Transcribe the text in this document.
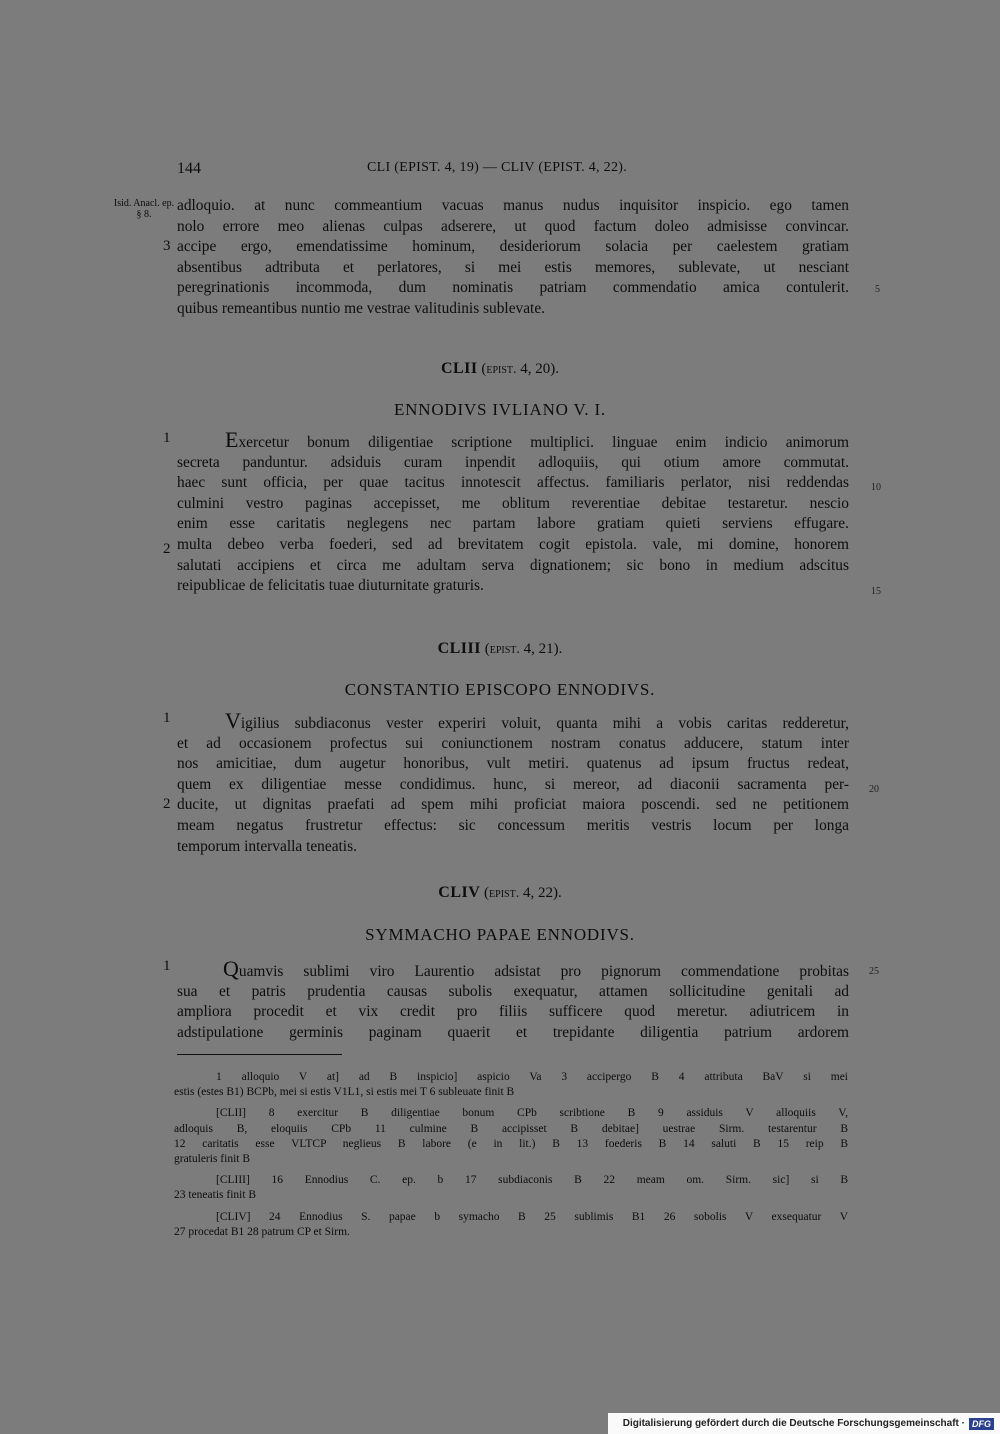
144	CLI (EPIST. 4, 19) — CLIV (EPIST. 4, 22).
Isid. Anacl. ep. § 8.
adloquio. at nunc commeantium vacuas manus nudus inquisitor inspicio. ego tamen
nolo errore meo alienas culpas adserere, ut quod factum doleo admisisse convincar.
accipe ergo, emendatissime hominum, desideriorum solacia per caelestem gratiam
absentibus adtributa et perlatores, si mei estis memores, sublevate, ut nesciant
peregrinationis incommoda, dum nominatis patriam commendatio amica contulerit.
quibus remeantibus nuntio me vestrae valitudinis sublevate.
3
5
CLII (epist. 4, 20).
ENNODIVS IVLIANO V. I.
1	Exercetur bonum diligentiae scriptione multiplici. linguae enim indicio animorum
secreta panduntur. adsiduis curam inpendit adloquiis, qui otium amore commutat.
haec sunt officia, per quae tacitus innotescit affectus. familiaris perlator, nisi reddendas
culmini vestro paginas accepisset, me oblitum reverentiae debitae testaretur. nescio
enim esse caritatis neglegens nec partam labore gratiam quieti serviens effugare.
multa debeo verba foederi, sed ad brevitatem cogit epistola. vale, mi domine, honorem
salutati accipiens et circa me adultam serva dignationem; sic bono in medium adscitus
reipublicae de felicitatis tuae diuturnitate graturis.
2
10
15
CLIII (epist. 4, 21).
CONSTANTIO EPISCOPO ENNODIVS.
1	Vigilius subdiaconus vester experiri voluit, quanta mihi a vobis caritas redderetur,
et ad occasionem profectus sui coniunctionem nostram conatus adducere, statum inter
nos amicitiae, dum augetur honoribus, vult metiri. quatenus ad ipsum fructus redeat,
quem ex diligentiae messe condidimus. hunc, si mereor, ad diaconii sacramenta per-
ducite, ut dignitas praefati ad spem mihi proficiat maiora poscendi. sed ne petitionem
meam negatus frustretur effectus: sic concessum meritis vestris locum per longa
temporum intervalla teneatis.
2
20
CLIV (epist. 4, 22).
SYMMACHO PAPAE ENNODIVS.
1	Quamvis sublimi viro Laurentio adsistat pro pignorum commendatione probitas
sua et patris prudentia causas subolis exequatur, attamen sollicitudine genitali ad
ampliora procedit et vix credit pro filiis sufficere quod meretur. adiutricem in
adstipulatione germinis paginam quaerit et trepidante diligentia patrium ardorem
25
1 alloquio V at] ad B inspicio] aspicio Va 3 accipergo B 4 attributa BaV si mei
estis (estes B1) BCPb, mei si estis V1L1, si estis mei T 6 subleuate finit B
[CLII] 8 exercitur B diligentiae bonum CPb scribtione B 9 assiduis V alloquiis V,
adloquis B, eloquiis CPb 11 culmine B accipisset B debitae] uestrae Sirm. testarentur B
12 caritatis esse VLTCP neglieus B labore (e in lit.) B 13 foederis B 14 saluti B 15 reip B
gratuleris finit B
[CLIII] 16 Ennodius C. ep. b 17 subdiaconis B 22 meam om. Sirm. sic] si B
23 teneatis finit B
[CLIV] 24 Ennodius S. papae b symacho B 25 sublimis B1 26 sobolis V exsequatur V
27 procedat B1 28 patrum CP et Sirm.
Digitalisierung gefördert durch die Deutsche Forschungsgemeinschaft · DFG
